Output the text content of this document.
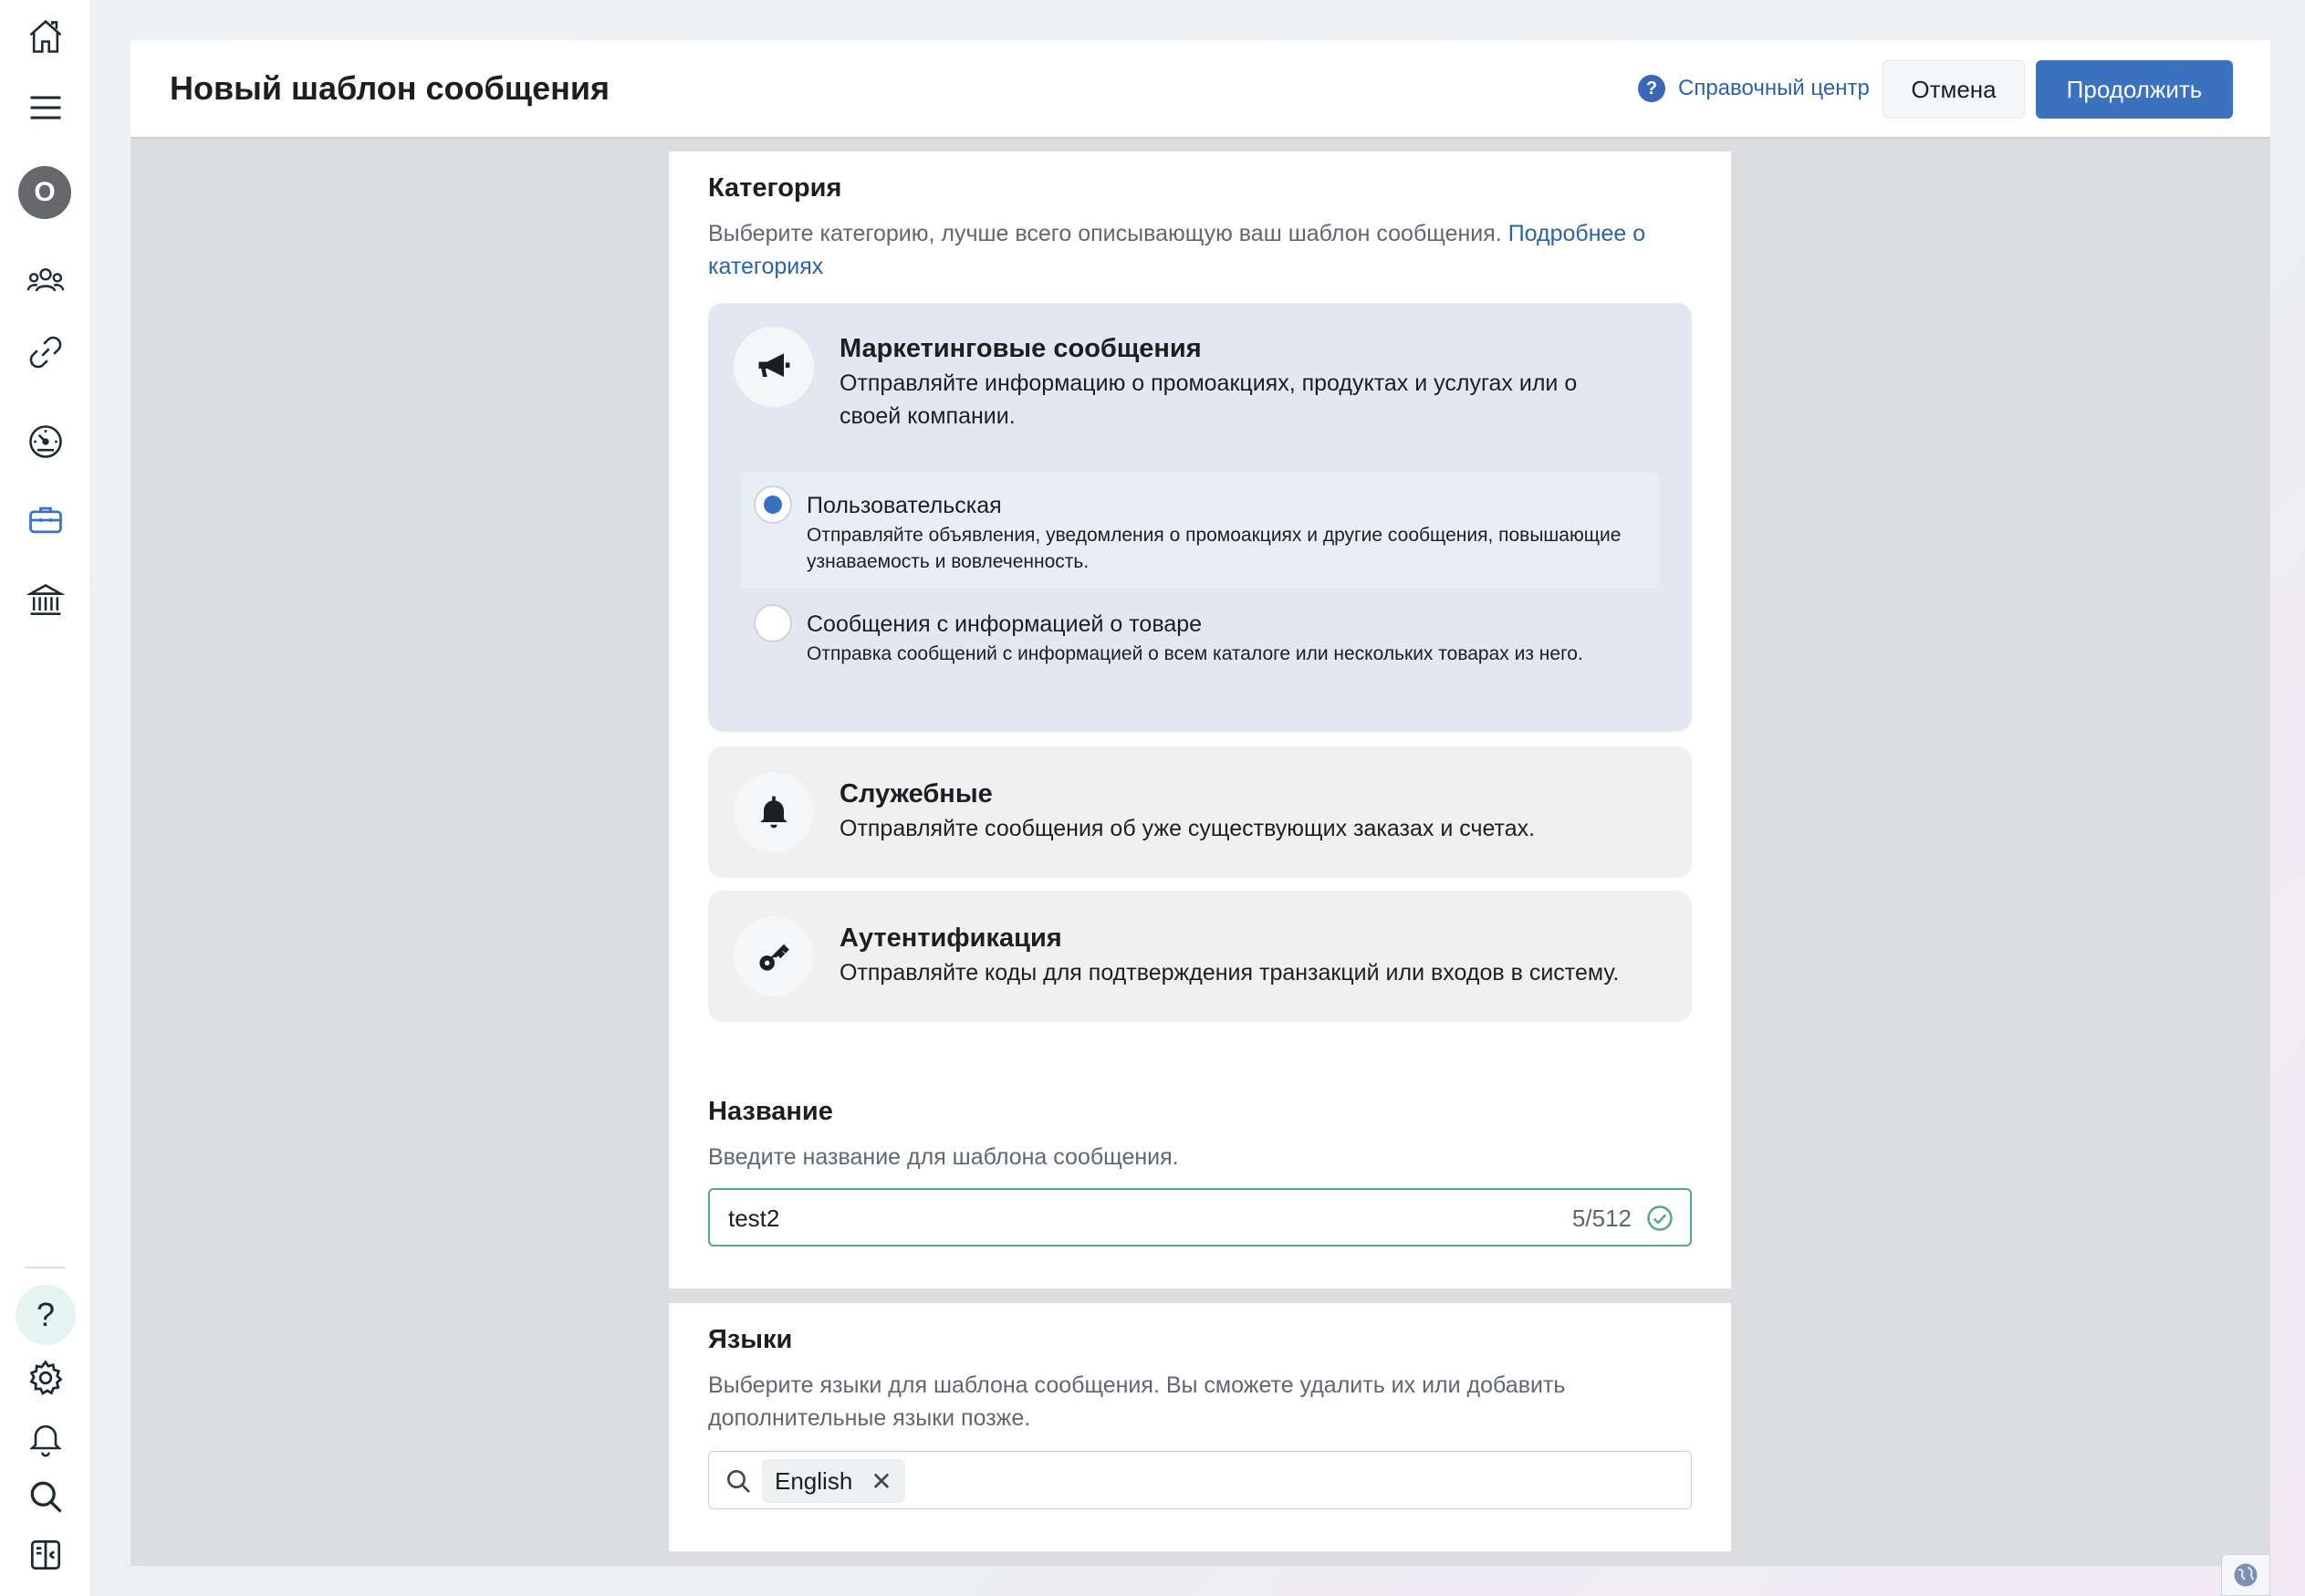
O
?
Новый шаблон сообщения	? Справочный центр	Отмена	Продолжить
Категория
Выберите категорию, лучше всего описывающую ваш шаблон сообщения. Подробнее о категориях
Маркетинговые сообщения
Отправляйте информацию о промоакциях, продуктах и услугах или о своей компании.
Пользовательская
Отправляйте объявления, уведомления о промоакциях и другие сообщения, повышающие узнаваемость и вовлеченность.
Сообщения с информацией о товаре
Отправка сообщений с информацией о всем каталоге или нескольких товарах из него.
Служебные
Отправляйте сообщения об уже существующих заказах и счетах.
Аутентификация
Отправляйте коды для подтверждения транзакций или входов в систему.
Название
Введите название для шаблона сообщения.
test2	5/512
Языки
Выберите языки для шаблона сообщения. Вы сможете удалить их или добавить дополнительные языки позже.
English ✕
